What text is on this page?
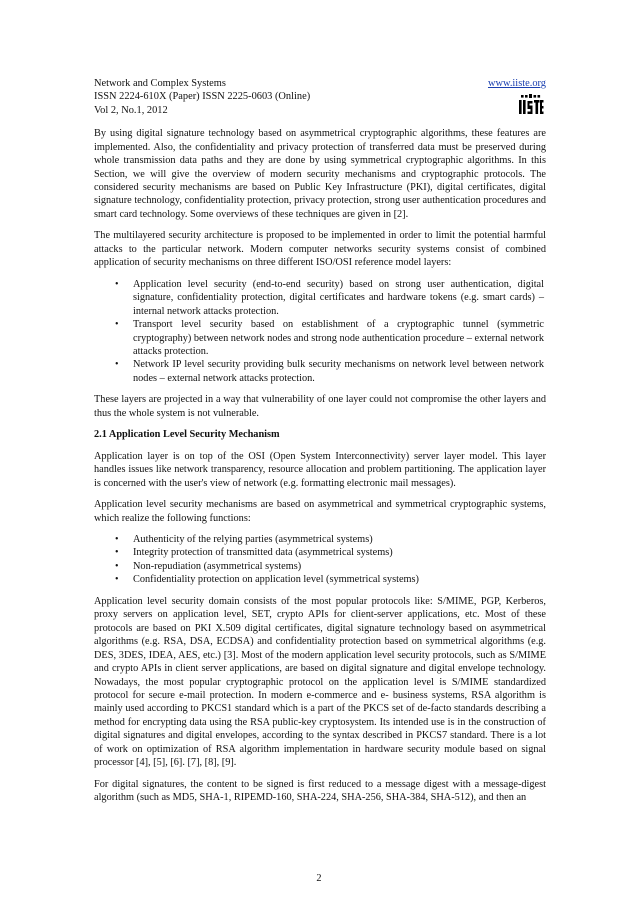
Network and Complex Systems
ISSN 2224-610X (Paper) ISSN 2225-0603 (Online)
Vol 2, No.1, 2012
www.iiste.org

By using digital signature technology based on asymmetrical cryptographic algorithms, these features are implemented. Also, the confidentiality and privacy protection of transferred data must be preserved during whole transmission data paths and they are done by using symmetrical cryptographic algorithms. In this Section, we will give the overview of modern security mechanisms and cryptographic protocols. The considered security mechanisms are based on Public Key Infrastructure (PKI), digital certificates, digital signature technology, confidentiality protection, privacy protection, strong user authentication procedures and smart card technology. Some overviews of these techniques are given in [2].

The multilayered security architecture is proposed to be implemented in order to limit the potential harmful attacks to the particular network. Modern computer networks security systems consist of combined application of security mechanisms on three different ISO/OSI reference model layers:

• Application level security (end-to-end security) based on strong user authentication, digital signature, confidentiality protection, digital certificates and hardware tokens (e.g. smart cards) – internal network attacks protection.
• Transport level security based on establishment of a cryptographic tunnel (symmetric cryptography) between network nodes and strong node authentication procedure – external network attacks protection.
• Network IP level security providing bulk security mechanisms on network level between network nodes – external network attacks protection.

These layers are projected in a way that vulnerability of one layer could not compromise the other layers and thus the whole system is not vulnerable.

2.1 Application Level Security Mechanism

Application layer is on top of the OSI (Open System Interconnectivity) server layer model. This layer handles issues like network transparency, resource allocation and problem partitioning. The application layer is concerned with the user's view of network (e.g. formatting electronic mail messages).

Application level security mechanisms are based on asymmetrical and symmetrical cryptographic systems, which realize the following functions:

• Authenticity of the relying parties (asymmetrical systems)
• Integrity protection of transmitted data (asymmetrical systems)
• Non-repudiation (asymmetrical systems)
• Confidentiality protection on application level (symmetrical systems)

Application level security domain consists of the most popular protocols like: S/MIME, PGP, Kerberos, proxy servers on application level, SET, crypto APIs for client-server applications, etc. Most of these protocols are based on PKI X.509 digital certificates, digital signature technology based on asymmetrical algorithms (e.g. RSA, DSA, ECDSA) and confidentiality protection based on symmetrical algorithms (e.g. DES, 3DES, IDEA, AES, etc.) [3]. Most of the modern application level security protocols, such as S/MIME and crypto APIs in client server applications, are based on digital signature and digital envelope technology. Nowadays, the most popular cryptographic protocol on the application level is S/MIME standardized protocol for secure e-mail protection. In modern e-commerce and e- business systems, RSA algorithm is mainly used according to PKCS1 standard which is a part of the PKCS set of de-facto standards describing a method for encrypting data using the RSA public-key cryptosystem. Its intended use is in the construction of digital signatures and digital envelopes, according to the syntax described in PKCS7 standard. There is a lot of work on optimization of RSA algorithm implementation in hardware security module based on signal processor [4], [5], [6]. [7], [8], [9].

For digital signatures, the content to be signed is first reduced to a message digest with a message-digest algorithm (such as MD5, SHA-1, RIPEMD-160, SHA-224, SHA-256, SHA-384, SHA-512), and then an

2
